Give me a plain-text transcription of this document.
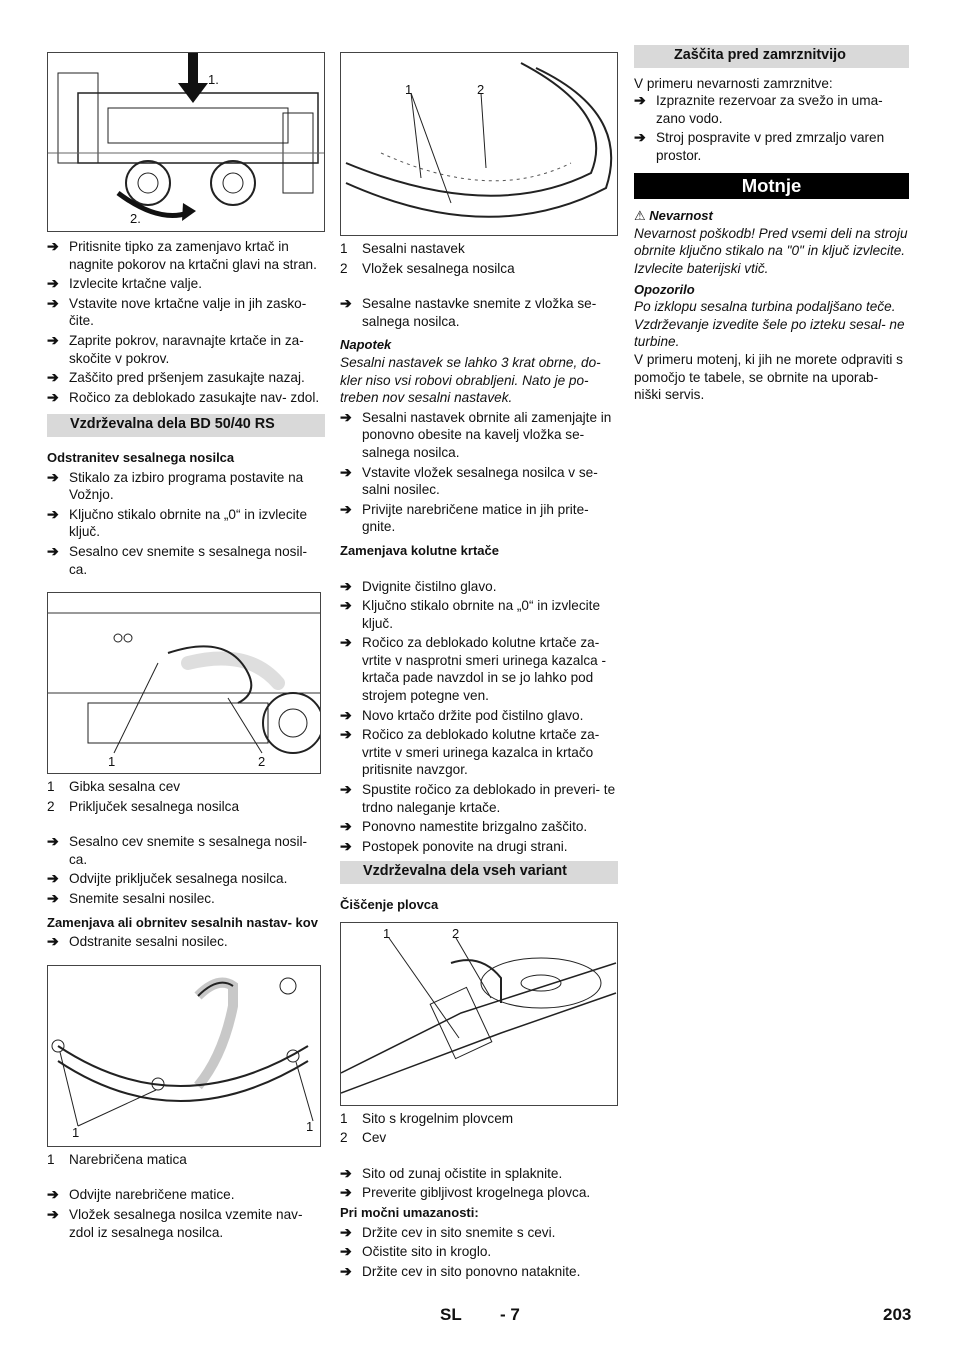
1.
2.
➔ Pritisnite tipko za zamenjavo krtač in nagnite pokorov na krtačni glavi na stran.
➔ Izvlecite krtačne valje.
➔ Vstavite nove krtačne valje in jih zasko- čite.
➔ Zaprite pokrov, naravnajte krtače in za- skočite v pokrov.
➔ Zaščito pred pršenjem zasukajte nazaj.
➔ Ročico za deblokado zasukajte nav- zdol.
Vzdrževalna dela BD 50/40 RS
Odstranitev sesalnega nosilca
➔ Stikalo za izbiro programa postavite na Vožnjo.
➔ Ključno stikalo obrnite na „0“ in izvlecite ključ.
➔ Sesalno cev snemite s sesalnega nosil- ca.
1	2
1	Gibka sesalna cev
2	Priključek sesalnega nosilca
➔ Sesalno cev snemite s sesalnega nosil- ca.
➔ Odvijte priključek sesalnega nosilca.
➔ Snemite sesalni nosilec.
Zamenjava ali obrnitev sesalnih nastav- kov
➔ Odstranite sesalni nosilec.
1	1
1	Narebričena matica
➔ Odvijte narebričene matice.
➔ Vložek sesalnega nosilca vzemite nav- zdol iz sesalnega nosilca.
1	2
1	Sesalni nastavek
2	Vložek sesalnega nosilca
➔ Sesalne nastavke snemite z vložka se- salnega nosilca.
Napotek
Sesalni nastavek se lahko 3 krat obrne, do- kler niso vsi robovi obrabljeni. Nato je po- treben nov sesalni nastavek.
➔ Sesalni nastavek obrnite ali zamenjajte in ponovno obesite na kavelj vložka se- salnega nosilca.
➔ Vstavite vložek sesalnega nosilca v se- salni nosilec.
➔ Privijte narebričene matice in jih prite- gnite.
Zamenjava kolutne krtače
➔ Dvignite čistilno glavo.
➔ Ključno stikalo obrnite na „0“ in izvlecite ključ.
➔ Ročico za deblokado kolutne krtače za- vrtite v nasprotni smeri urinega kazalca - krtača pade navzdol in se jo lahko pod strojem potegne ven.
➔ Novo krtačo držite pod čistilno glavo.
➔ Ročico za deblokado kolutne krtače za- vrtite v smeri urinega kazalca in krtačo pritisnite navzgor.
➔ Spustite ročico za deblokado in preveri- te trdno naleganje krtače.
➔ Ponovno namestite brizgalno zaščito.
➔ Postopek ponovite na drugi strani.
Vzdrževalna dela vseh variant
Čiščenje plovca
1	2
1	Sito s krogelnim plovcem
2	Cev
➔ Sito od zunaj očistite in splaknite.
➔ Preverite gibljivost krogelnega plovca.
Pri močni umazanosti:
➔ Držite cev in sito snemite s cevi.
➔ Očistite sito in kroglo.
➔ Držite cev in sito ponovno nataknite.
Zaščita pred zamrznitvijo
V primeru nevarnosti zamrznitve:
➔ Izpraznite rezervoar za svežo in uma- zano vodo.
➔ Stroj pospravite v pred zmrzaljo varen prostor.
Motnje
⚠ Nevarnost
Nevarnost poškodb! Pred vsemi deli na stroju obrnite ključno stikalo na "0" in ključ izvlecite. Izvlecite baterijski vtič.
Opozorilo
Po izklopu sesalna turbina podaljšano teče. Vzdrževanje izvedite šele po izteku sesal- ne turbine.
V primeru motenj, ki jih ne morete odpraviti s pomočjo te tabele, se obrnite na uporab- niški servis.
SL - 7	203
